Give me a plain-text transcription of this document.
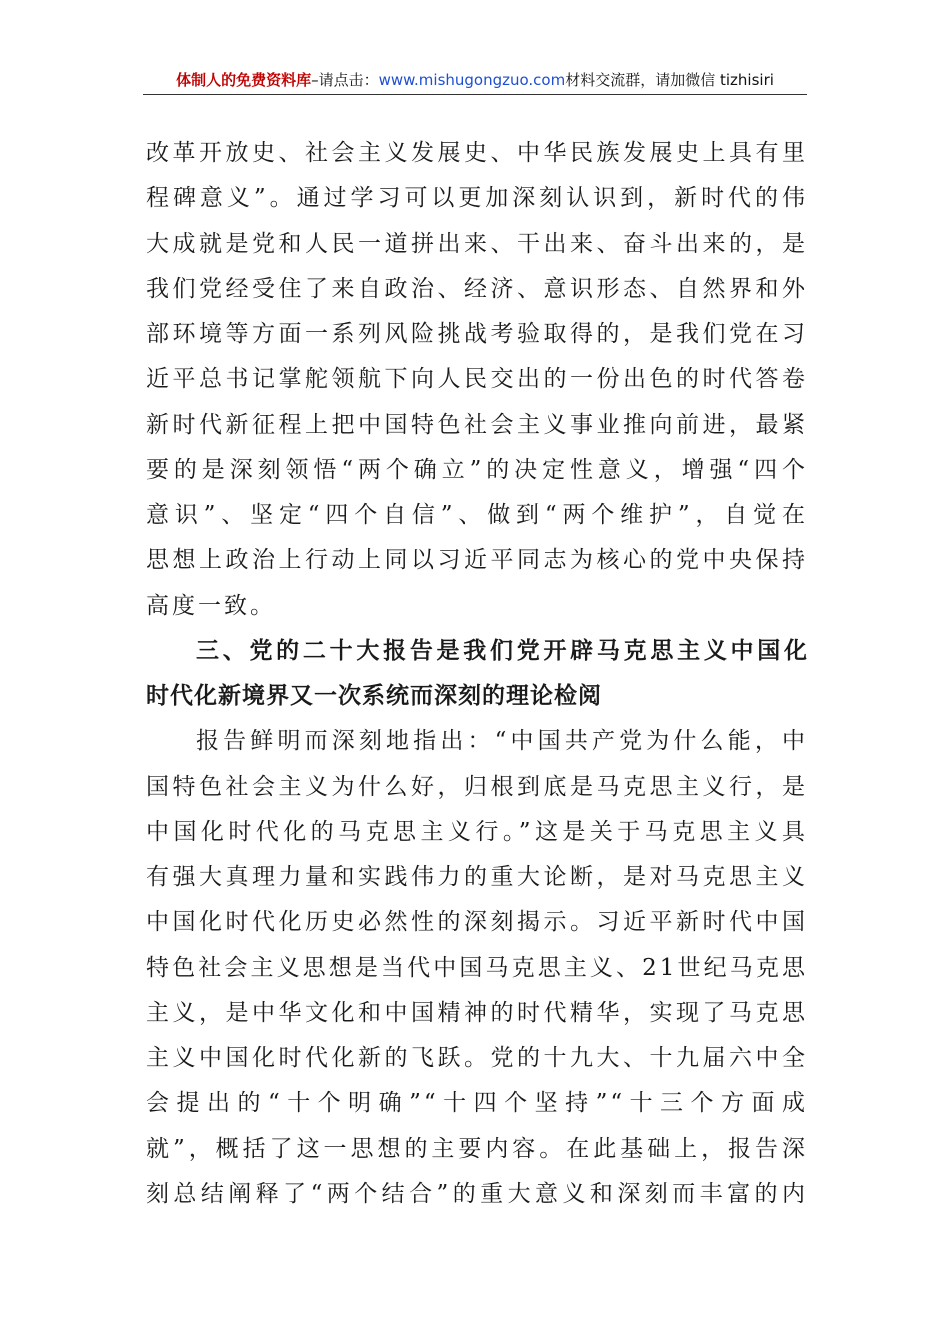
体制人的免费资料库–请点击：www.mishugongzuo.com材料交流群，请加微信 tizhisiri
改革开放史、社会主义发展史、中华民族发展史上具有里
程碑意义”。通过学习可以更加深刻认识到，新时代的伟
大成就是党和人民一道拼出来、干出来、奋斗出来的，是
我们党经受住了来自政治、经济、意识形态、自然界和外
部环境等方面一系列风险挑战考验取得的，是我们党在习
近平总书记掌舵领航下向人民交出的一份出色的时代答卷
新时代新征程上把中国特色社会主义事业推向前进，最紧
要的是深刻领悟“两个确立”的决定性意义，增强“四个
意识”、坚定“四个自信”、做到“两个维护”，自觉在
思想上政治上行动上同以习近平同志为核心的党中央保持
高度一致。
三、党的二十大报告是我们党开辟马克思主义中国化
时代化新境界又一次系统而深刻的理论检阅
报告鲜明而深刻地指出：“中国共产党为什么能，中
国特色社会主义为什么好，归根到底是马克思主义行，是
中国化时代化的马克思主义行。”这是关于马克思主义具
有强大真理力量和实践伟力的重大论断，是对马克思主义
中国化时代化历史必然性的深刻揭示。习近平新时代中国
特色社会主义思想是当代中国马克思主义、21世纪马克思
主义，是中华文化和中国精神的时代精华，实现了马克思
主义中国化时代化新的飞跃。党的十九大、十九届六中全
会提出的“十个明确”“十四个坚持”“十三个方面成
就”，概括了这一思想的主要内容。在此基础上，报告深
刻总结阐释了“两个结合”的重大意义和深刻而丰富的内
